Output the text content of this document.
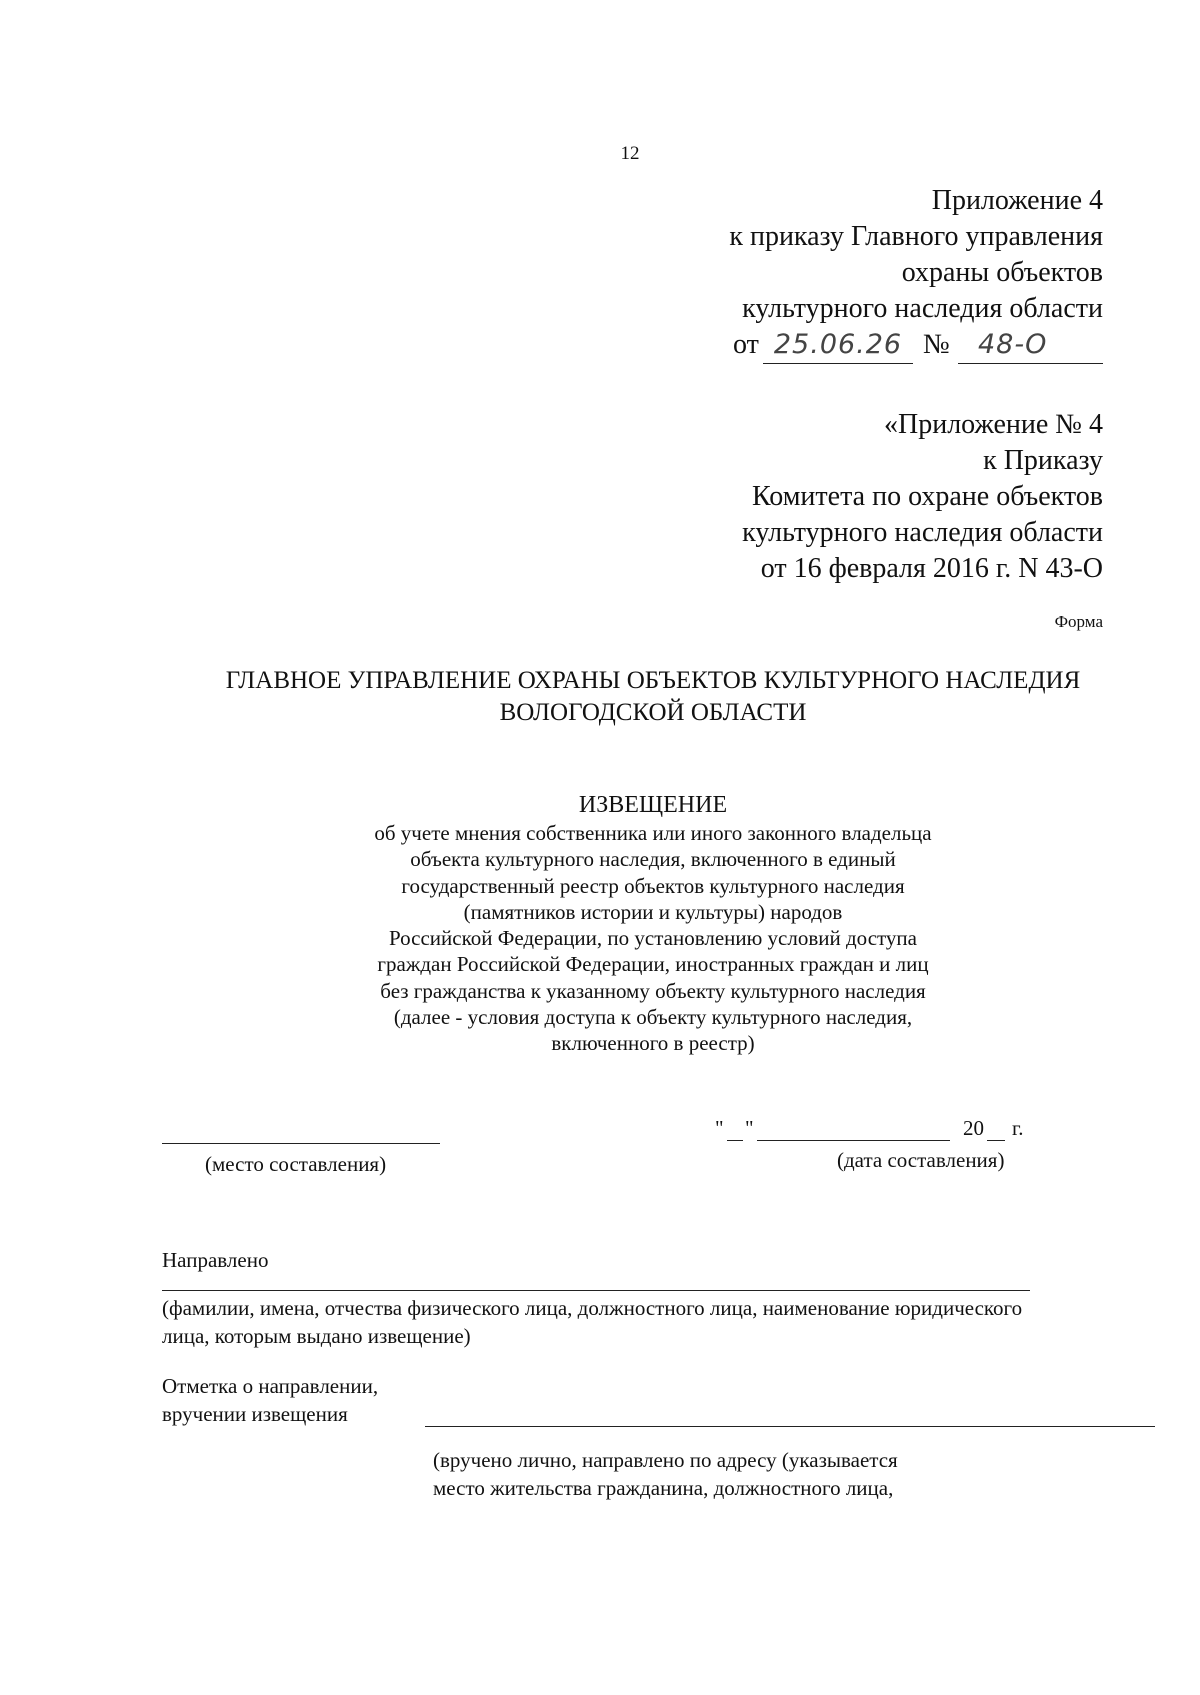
12
Приложение 4
к приказу Главного управления
охраны объектов
культурного наследия области
от 25.06.26 №	48-О
«Приложение № 4
к Приказу
Комитета по охране объектов
культурного наследия области
от 16 февраля 2016 г. N 43-О
Форма
ГЛАВНОЕ УПРАВЛЕНИЕ ОХРАНЫ ОБЪЕКТОВ КУЛЬТУРНОГО НАСЛЕДИЯ
ВОЛОГОДСКОЙ ОБЛАСТИ
ИЗВЕЩЕНИЕ
об учете мнения собственника или иного законного владельца
объекта культурного наследия, включенного в единый
государственный реестр объектов культурного наследия
(памятников истории и культуры) народов
Российской Федерации, по установлению условий доступа
граждан Российской Федерации, иностранных граждан и лиц
без гражданства к указанному объекту культурного наследия
(далее - условия доступа к объекту культурного наследия,
включенного в реестр)
(место составления)
" "	20 г.
(дата составления)
Направлено
(фамилии, имена, отчества физического лица, должностного лица, наименование юридического
лица, которым выдано извещение)
Отметка о направлении,
вручении извещения
(вручено лично, направлено по адресу (указывается
место жительства гражданина, должностного лица,
